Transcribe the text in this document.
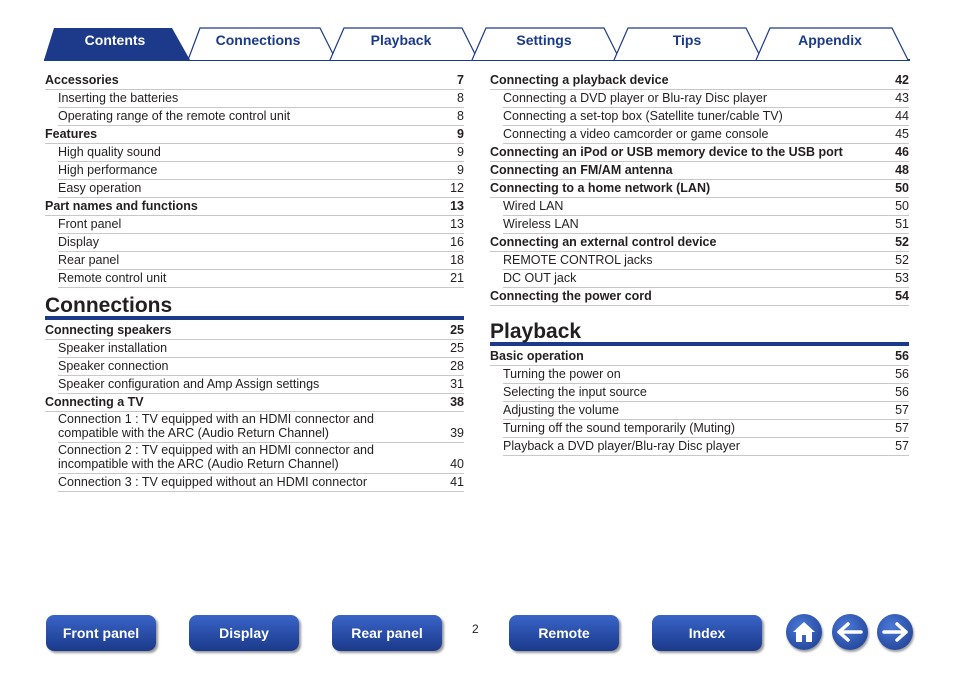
Contents	Connections	Playback	Settings	Tips	Appendix
Accessories	7
Inserting the batteries	8
Operating range of the remote control unit	8
Features	9
High quality sound	9
High performance	9
Easy operation	12
Part names and functions	13
Front panel	13
Display	16
Rear panel	18
Remote control unit	21
Connections
Connecting speakers	25
Speaker installation	25
Speaker connection	28
Speaker configuration and Amp Assign settings	31
Connecting a TV	38
Connection 1 : TV equipped with an HDMI connector and compatible with the ARC (Audio Return Channel)	39
Connection 2 : TV equipped with an HDMI connector and incompatible with the ARC (Audio Return Channel)	40
Connection 3 : TV equipped without an HDMI connector	41
Connecting a playback device	42
Connecting a DVD player or Blu-ray Disc player	43
Connecting a set-top box (Satellite tuner/cable TV)	44
Connecting a video camcorder or game console	45
Connecting an iPod or USB memory device to the USB port	46
Connecting an FM/AM antenna	48
Connecting to a home network (LAN)	50
Wired LAN	50
Wireless LAN	51
Connecting an external control device	52
REMOTE CONTROL jacks	52
DC OUT jack	53
Connecting the power cord	54
Playback
Basic operation	56
Turning the power on	56
Selecting the input source	56
Adjusting the volume	57
Turning off the sound temporarily (Muting)	57
Playback a DVD player/Blu-ray Disc player	57
Front panel	Display	Rear panel	2	Remote	Index
